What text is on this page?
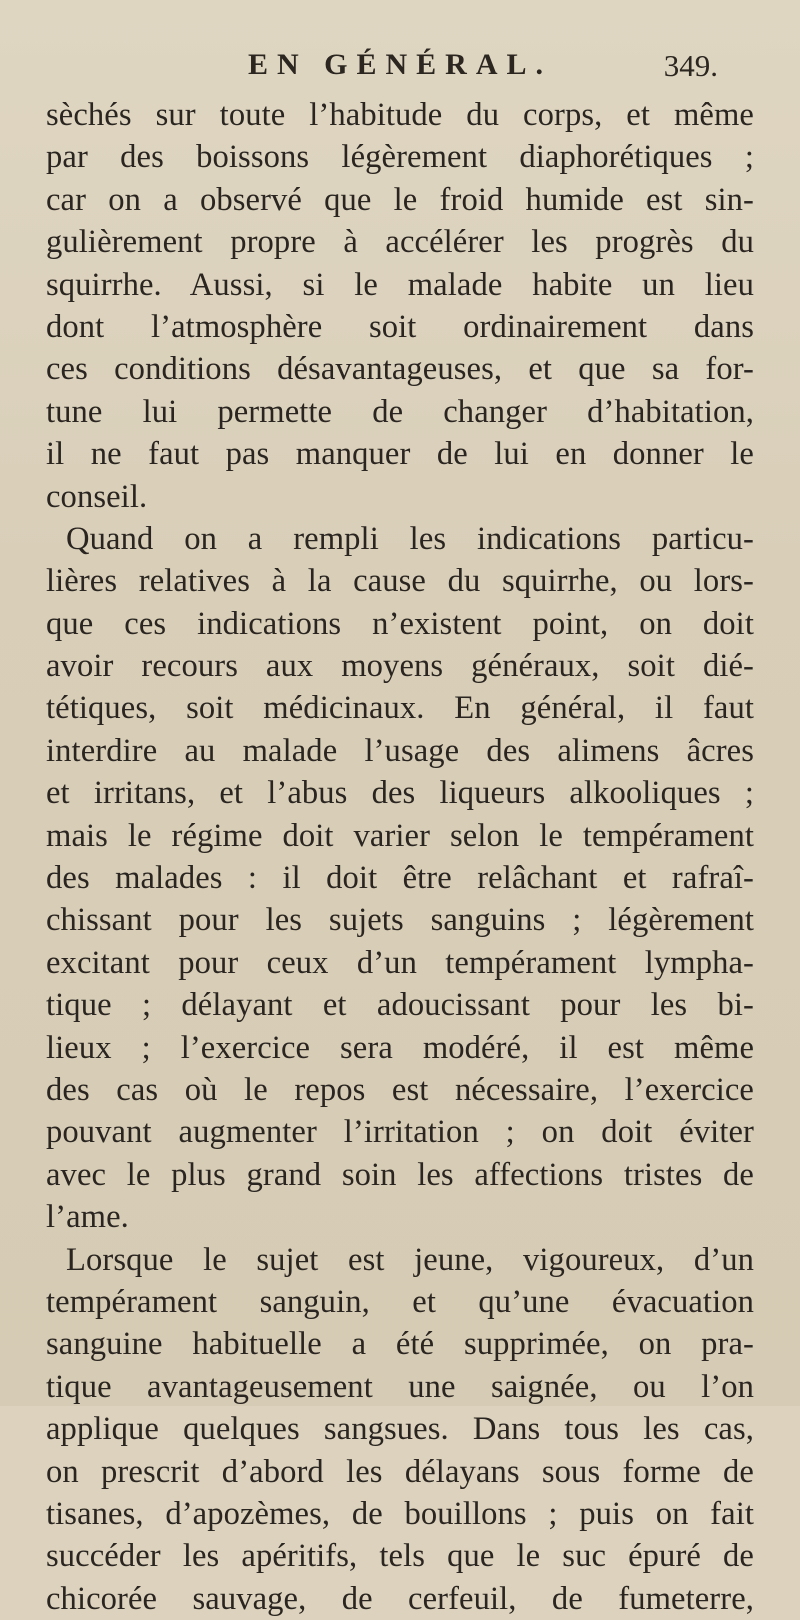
EN GÉNÉRAL.	349.
sèchés sur toute l’habitude du corps, et même
par des boissons légèrement diaphorétiques ;
car on a observé que le froid humide est sin-
gulièrement propre à accélérer les progrès du
squirrhe. Aussi, si le malade habite un lieu
dont l’atmosphère soit ordinairement dans
ces conditions désavantageuses, et que sa for-
tune lui permette de changer d’habitation,
il ne faut pas manquer de lui en donner le
conseil.
Quand on a rempli les indications particu-
lières relatives à la cause du squirrhe, ou lors-
que ces indications n’existent point, on doit
avoir recours aux moyens généraux, soit dié-
tétiques, soit médicinaux. En général, il faut
interdire au malade l’usage des alimens âcres
et irritans, et l’abus des liqueurs alkooliques ;
mais le régime doit varier selon le tempérament
des malades : il doit être relâchant et rafraî-
chissant pour les sujets sanguins ; légèrement
excitant pour ceux d’un tempérament lympha-
tique ; délayant et adoucissant pour les bi-
lieux ; l’exercice sera modéré, il est même
des cas où le repos est nécessaire, l’exercice
pouvant augmenter l’irritation ; on doit éviter
avec le plus grand soin les affections tristes de
l’ame.
Lorsque le sujet est jeune, vigoureux, d’un
tempérament sanguin, et qu’une évacuation
sanguine habituelle a été supprimée, on pra-
tique avantageusement une saignée, ou l’on
applique quelques sangsues. Dans tous les cas,
on prescrit d’abord les délayans sous forme de
tisanes, d’apozèmes, de bouillons ; puis on fait
succéder les apéritifs, tels que le suc épuré de
chicorée sauvage, de cerfeuil, de fumeterre,
